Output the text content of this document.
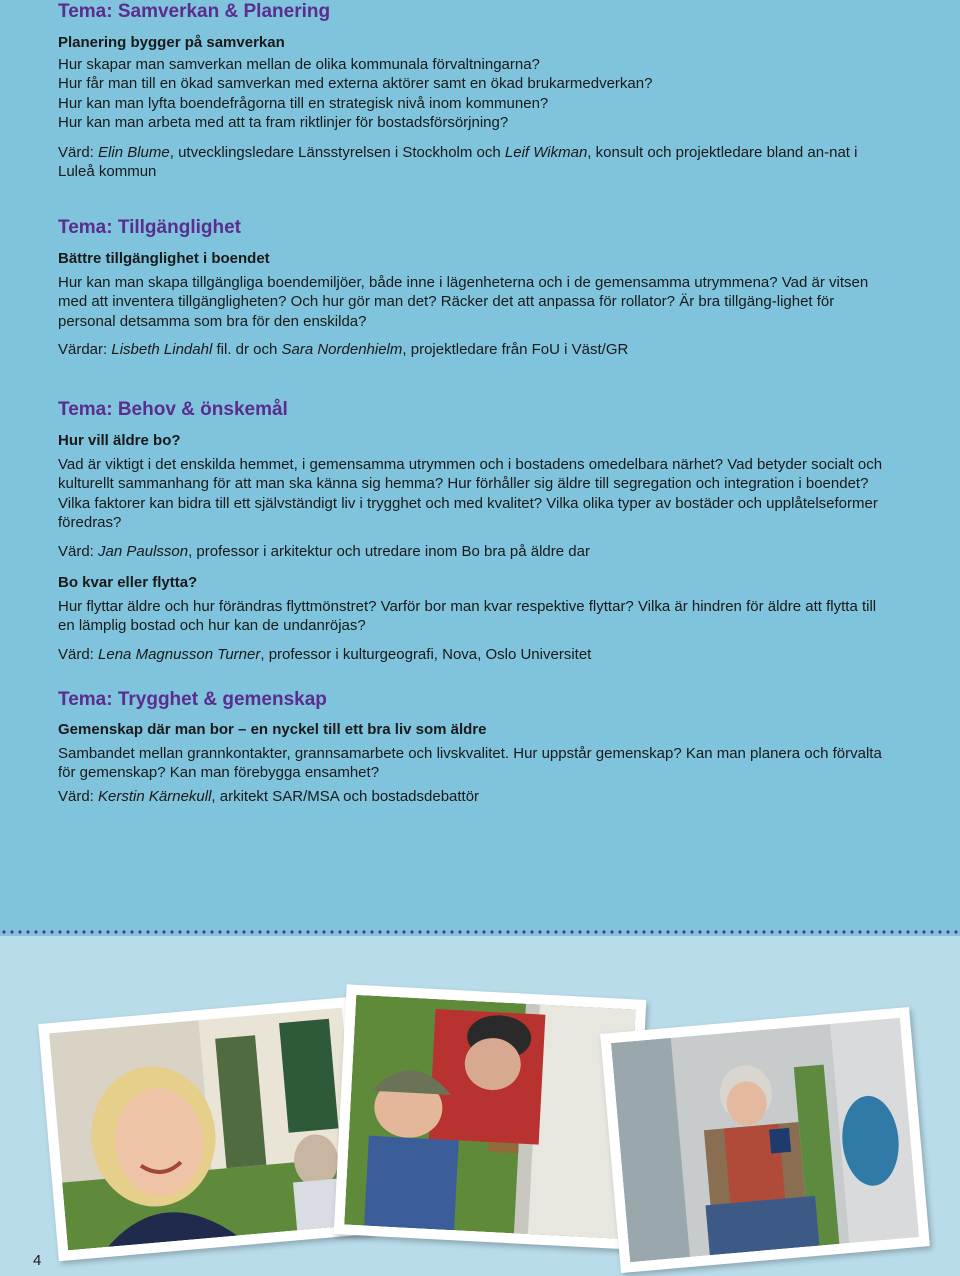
Tema: Samverkan & Planering
Planering bygger på samverkan

Hur skapar man samverkan mellan de olika kommunala förvaltningarna?

Hur får man till en ökad samverkan med externa aktörer samt en ökad brukarmedverkan?

Hur kan man lyfta boendefrågorna till en strategisk nivå inom kommunen?

Hur kan man arbeta med att ta fram riktlinjer för bostadsförsörjning?

Värd: Elin Blume, utvecklingsledare Länsstyrelsen i Stockholm och Leif Wikman, konsult och projektledare bland an-nat i Luleå kommun

Tema: Tillgänglighet
Bättre tillgänglighet i boendet

Hur kan man skapa tillgängliga boendemiljöer, både inne i lägenheterna och i de gemensamma utrymmena? Vad är vitsen med att inventera tillgängligheten? Och hur gör man det? Räcker det att anpassa för rollator? Är bra tillgäng-lighet för personal detsamma som bra för den enskilda?

Värdar: Lisbeth Lindahl fil. dr och Sara Nordenhielm, projektledare från FoU i Väst/GR

Tema: Behov & önskemål
Hur vill äldre bo?

Vad är viktigt i det enskilda hemmet, i gemensamma utrymmen och i bostadens omedelbara närhet? Vad betyder socialt och kulturellt sammanhang för att man ska känna sig hemma? Hur förhåller sig äldre till segregation och integration i boendet? Vilka faktorer kan bidra till ett självständigt liv i trygghet och med kvalitet? Vilka olika typer av bostäder och upplåtelseformer föredras?

Värd: Jan Paulsson, professor i arkitektur och utredare inom Bo bra på äldre dar

Bo kvar eller flytta?

Hur flyttar äldre och hur förändras flyttmönstret? Varför bor man kvar respektive flyttar? Vilka är hindren för äldre att flytta till en lämplig bostad och hur kan de undanröjas?

Värd: Lena Magnusson Turner, professor i kulturgeografi, Nova, Oslo Universitet

Tema: Trygghet & gemenskap
Gemenskap där man bor – en nyckel till ett bra liv som äldre

Sambandet mellan grannkontakter, grannsamarbete och livskvalitet. Hur uppstår gemenskap? Kan man planera och förvalta för gemenskap? Kan man förebygga ensamhet?

Värd: Kerstin Kärnekull, arkitekt SAR/MSA och bostadsdebattör

4
